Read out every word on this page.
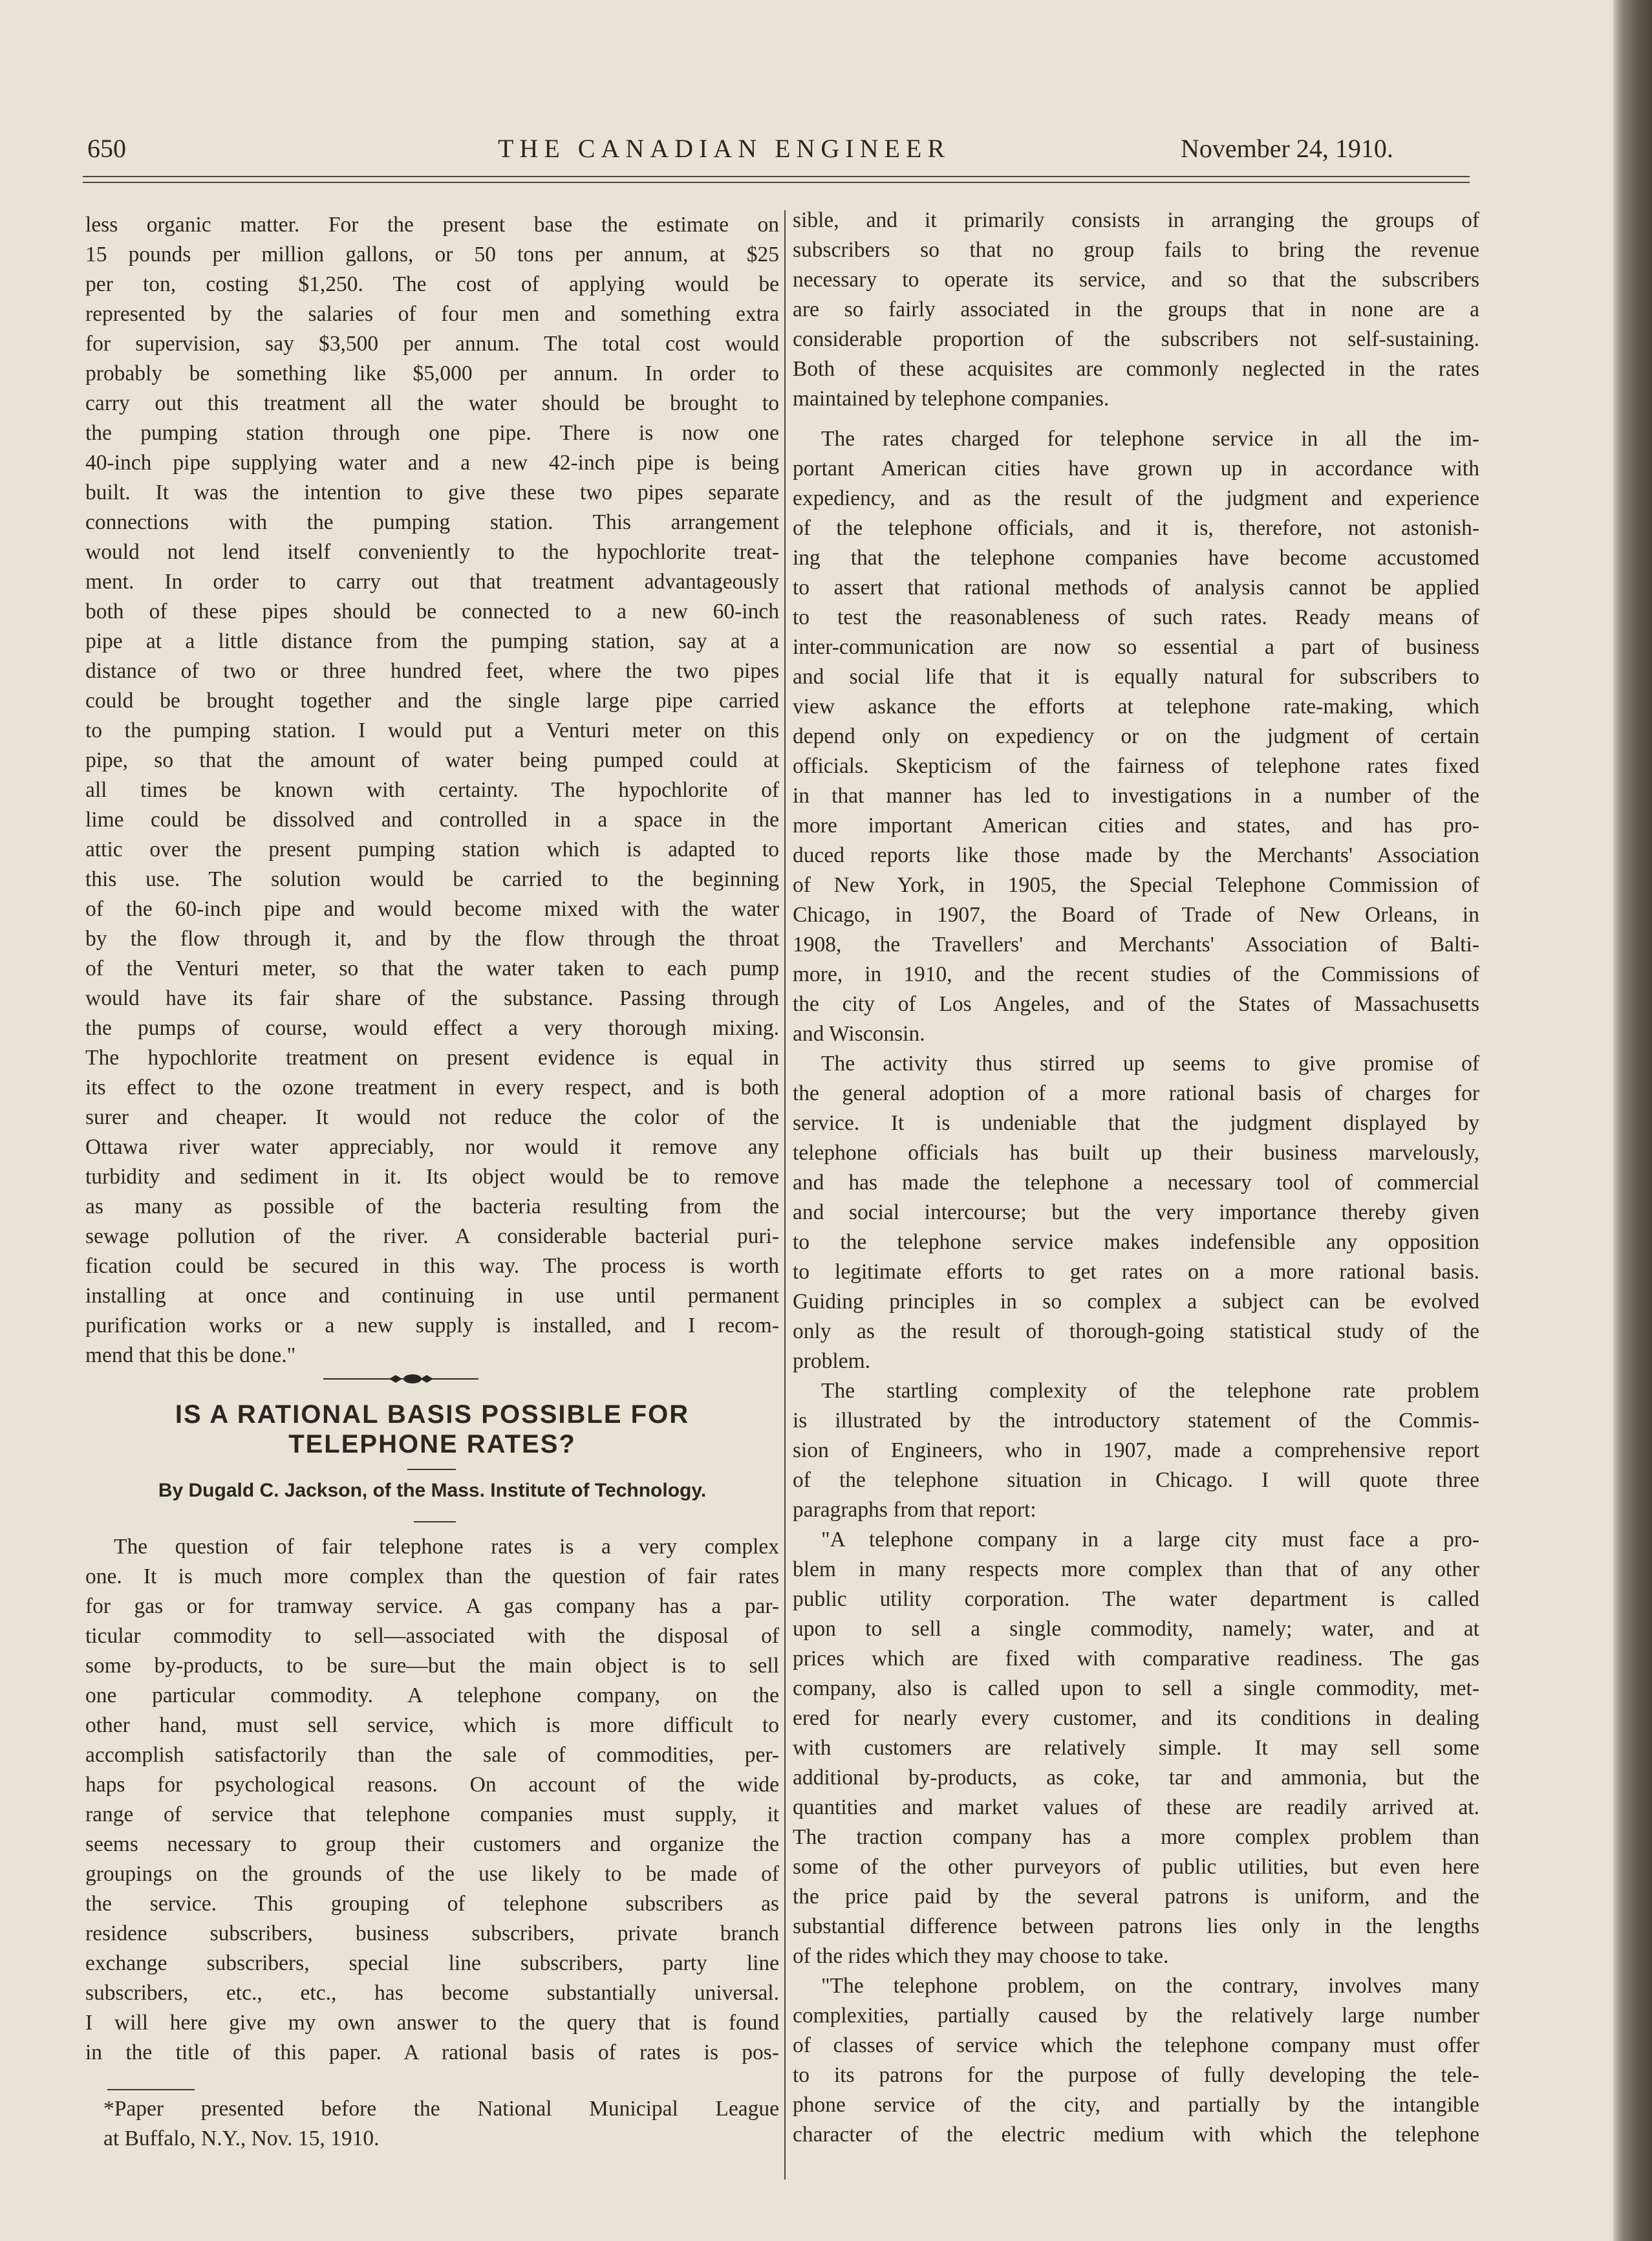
650	THE CANADIAN ENGINEER	November 24, 1910.

less organic matter. For the present base the estimate on

15 pounds per million gallons, or 50 tons per annum, at $25

per ton, costing $1,250. The cost of applying would be

represented by the salaries of four men and something extra

for supervision, say $3,500 per annum. The total cost would

probably be something like $5,000 per annum. In order to

carry out this treatment all the water should be brought to

the pumping station through one pipe. There is now one

40-inch pipe supplying water and a new 42-inch pipe is being

built. It was the intention to give these two pipes separate

connections with the pumping station. This arrangement

would not lend itself conveniently to the hypochlorite treat-

ment. In order to carry out that treatment advantageously

both of these pipes should be connected to a new 60-inch

pipe at a little distance from the pumping station, say at a

distance of two or three hundred feet, where the two pipes

could be brought together and the single large pipe carried

to the pumping station. I would put a Venturi meter on this

pipe, so that the amount of water being pumped could at

all times be known with certainty. The hypochlorite of

lime could be dissolved and controlled in a space in the

attic over the present pumping station which is adapted to

this use. The solution would be carried to the beginning

of the 60-inch pipe and would become mixed with the water

by the flow through it, and by the flow through the throat

of the Venturi meter, so that the water taken to each pump

would have its fair share of the substance. Passing through

the pumps of course, would effect a very thorough mixing.

The hypochlorite treatment on present evidence is equal in

its effect to the ozone treatment in every respect, and is both

surer and cheaper. It would not reduce the color of the

Ottawa river water appreciably, nor would it remove any

turbidity and sediment in it. Its object would be to remove

as many as possible of the bacteria resulting from the

sewage pollution of the river. A considerable bacterial puri-

fication could be secured in this way. The process is worth

installing at once and continuing in use until permanent

purification works or a new supply is installed, and I recom-

mend that this be done."

IS A RATIONAL BASIS POSSIBLE FOR
TELEPHONE RATES?
By Dugald C. Jackson, of the Mass. Institute of Technology.

The question of fair telephone rates is a very complex

one. It is much more complex than the question of fair rates

for gas or for tramway service. A gas company has a par-

ticular commodity to sell—associated with the disposal of

some by-products, to be sure—but the main object is to sell

one particular commodity. A telephone company, on the

other hand, must sell service, which is more difficult to

accomplish satisfactorily than the sale of commodities, per-

haps for psychological reasons. On account of the wide

range of service that telephone companies must supply, it

seems necessary to group their customers and organize the

groupings on the grounds of the use likely to be made of

the service. This grouping of telephone subscribers as

residence subscribers, business subscribers, private branch

exchange subscribers, special line subscribers, party line

subscribers, etc., etc., has become substantially universal.

I will here give my own answer to the query that is found

in the title of this paper. A rational basis of rates is pos-

*Paper presented before the National Municipal League

at Buffalo, N.Y., Nov. 15, 1910.

sible, and it primarily consists in arranging the groups of

subscribers so that no group fails to bring the revenue

necessary to operate its service, and so that the subscribers

are so fairly associated in the groups that in none are a

considerable proportion of the subscribers not self-sustaining.

Both of these acquisites are commonly neglected in the rates

maintained by telephone companies.

The rates charged for telephone service in all the im-

portant American cities have grown up in accordance with

expediency, and as the result of the judgment and experience

of the telephone officials, and it is, therefore, not astonish-

ing that the telephone companies have become accustomed

to assert that rational methods of analysis cannot be applied

to test the reasonableness of such rates. Ready means of

inter-communication are now so essential a part of business

and social life that it is equally natural for subscribers to

view askance the efforts at telephone rate-making, which

depend only on expediency or on the judgment of certain

officials. Skepticism of the fairness of telephone rates fixed

in that manner has led to investigations in a number of the

more important American cities and states, and has pro-

duced reports like those made by the Merchants' Association

of New York, in 1905, the Special Telephone Commission of

Chicago, in 1907, the Board of Trade of New Orleans, in

1908, the Travellers' and Merchants' Association of Balti-

more, in 1910, and the recent studies of the Commissions of

the city of Los Angeles, and of the States of Massachusetts

and Wisconsin.

The activity thus stirred up seems to give promise of

the general adoption of a more rational basis of charges for

service. It is undeniable that the judgment displayed by

telephone officials has built up their business marvelously,

and has made the telephone a necessary tool of commercial

and social intercourse; but the very importance thereby given

to the telephone service makes indefensible any opposition

to legitimate efforts to get rates on a more rational basis.

Guiding principles in so complex a subject can be evolved

only as the result of thorough-going statistical study of the

problem.

The startling complexity of the telephone rate problem

is illustrated by the introductory statement of the Commis-

sion of Engineers, who in 1907, made a comprehensive report

of the telephone situation in Chicago. I will quote three

paragraphs from that report:

"A telephone company in a large city must face a pro-

blem in many respects more complex than that of any other

public utility corporation. The water department is called

upon to sell a single commodity, namely; water, and at

prices which are fixed with comparative readiness. The gas

company, also is called upon to sell a single commodity, met-

ered for nearly every customer, and its conditions in dealing

with customers are relatively simple. It may sell some

additional by-products, as coke, tar and ammonia, but the

quantities and market values of these are readily arrived at.

The traction company has a more complex problem than

some of the other purveyors of public utilities, but even here

the price paid by the several patrons is uniform, and the

substantial difference between patrons lies only in the lengths

of the rides which they may choose to take.

"The telephone problem, on the contrary, involves many

complexities, partially caused by the relatively large number

of classes of service which the telephone company must offer

to its patrons for the purpose of fully developing the tele-

phone service of the city, and partially by the intangible

character of the electric medium with which the telephone
